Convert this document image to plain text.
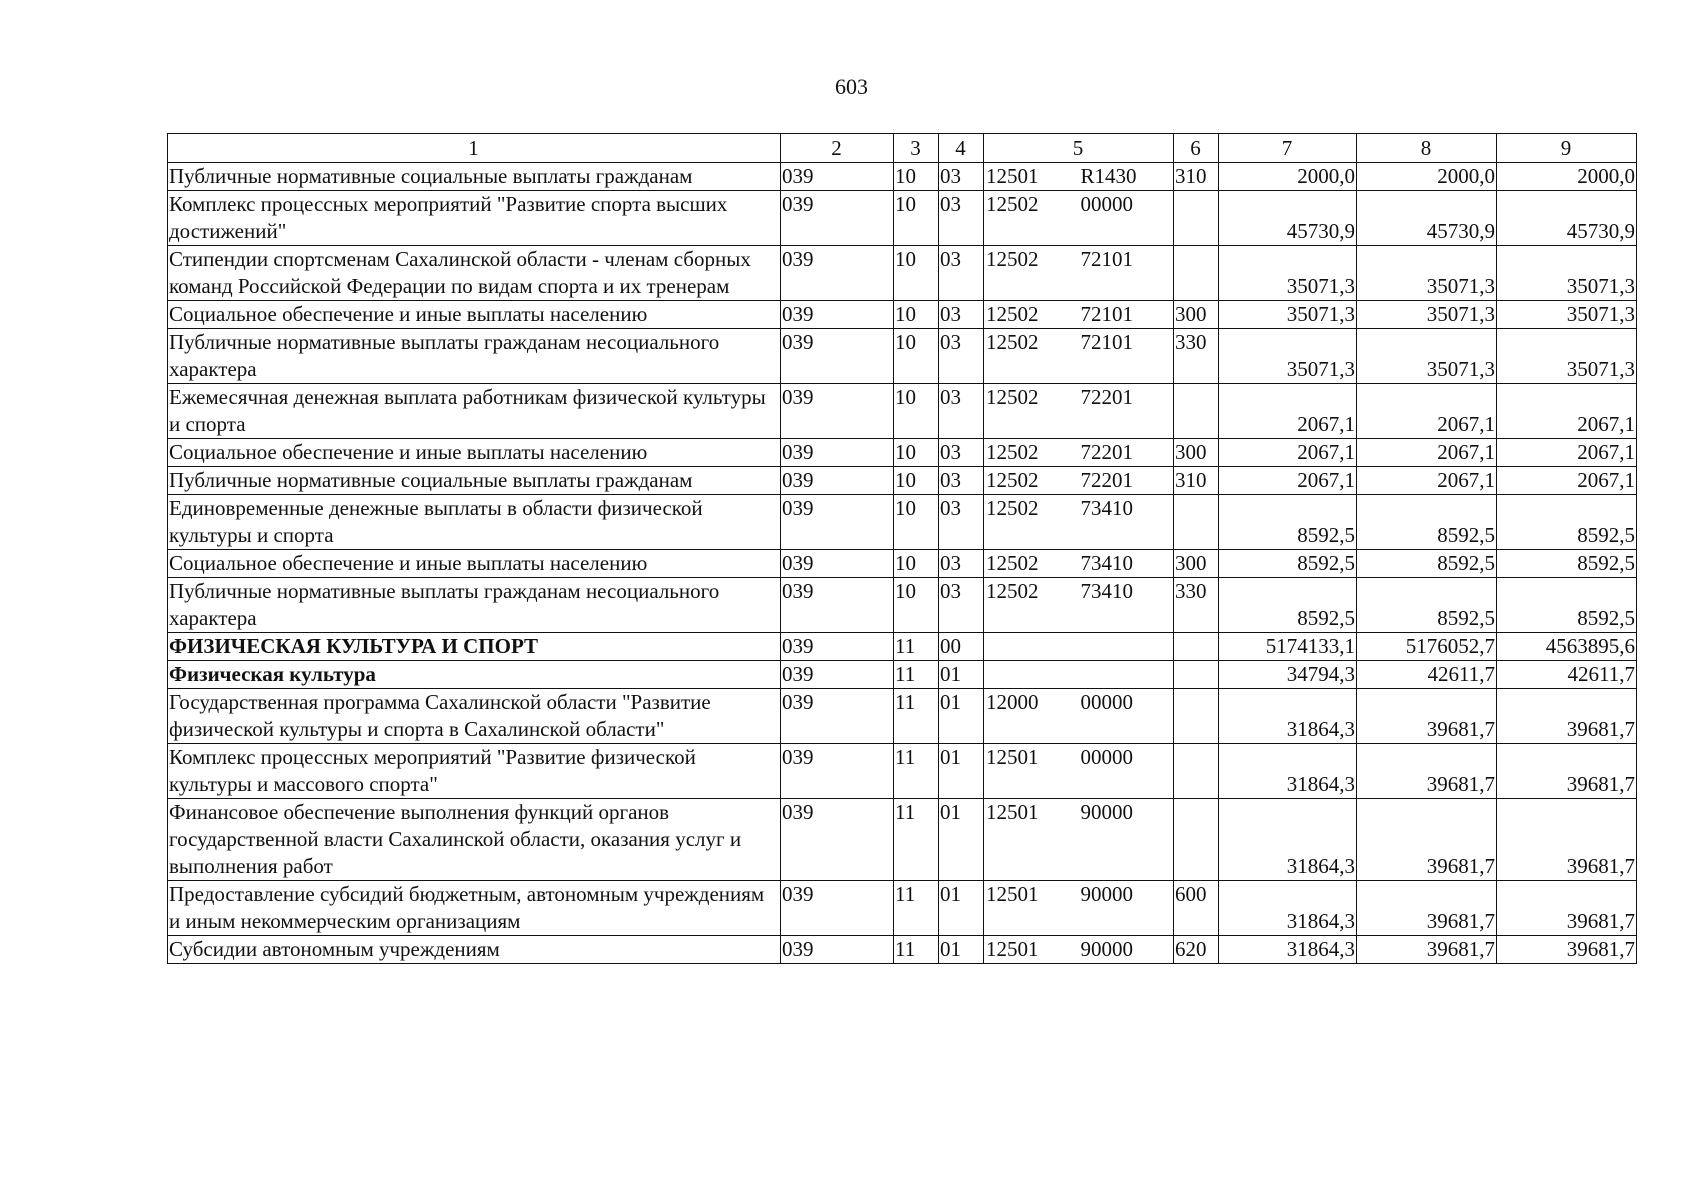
603
1	2	3	4	5	6	7	8	9
Публичные нормативные социальные выплаты гражданам	039	10	03	12501 R1430	310	2000,0	2000,0	2000,0
Комплекс процессных мероприятий "Развитие спорта высших достижений"	039	10	03	12502 00000		45730,9	45730,9	45730,9
Стипендии спортсменам Сахалинской области - членам сборных команд Российской Федерации по видам спорта и их тренерам	039	10	03	12502 72101		35071,3	35071,3	35071,3
Социальное обеспечение и иные выплаты населению	039	10	03	12502 72101	300	35071,3	35071,3	35071,3
Публичные нормативные выплаты гражданам несоциального характера	039	10	03	12502 72101	330	35071,3	35071,3	35071,3
Ежемесячная денежная выплата работникам физической культуры и спорта	039	10	03	12502 72201		2067,1	2067,1	2067,1
Социальное обеспечение и иные выплаты населению	039	10	03	12502 72201	300	2067,1	2067,1	2067,1
Публичные нормативные социальные выплаты гражданам	039	10	03	12502 72201	310	2067,1	2067,1	2067,1
Единовременные денежные выплаты в области физической культуры и спорта	039	10	03	12502 73410		8592,5	8592,5	8592,5
Социальное обеспечение и иные выплаты населению	039	10	03	12502 73410	300	8592,5	8592,5	8592,5
Публичные нормативные выплаты гражданам несоциального характера	039	10	03	12502 73410	330	8592,5	8592,5	8592,5
ФИЗИЧЕСКАЯ КУЛЬТУРА И СПОРТ	039	11	00			5174133,1	5176052,7	4563895,6
Физическая культура	039	11	01			34794,3	42611,7	42611,7
Государственная программа Сахалинской области "Развитие физической культуры и спорта в Сахалинской области"	039	11	01	12000 00000		31864,3	39681,7	39681,7
Комплекс процессных мероприятий "Развитие физической культуры и массового спорта"	039	11	01	12501 00000		31864,3	39681,7	39681,7
Финансовое обеспечение выполнения функций органов государственной власти Сахалинской области, оказания услуг и выполнения работ	039	11	01	12501 90000		31864,3	39681,7	39681,7
Предоставление субсидий бюджетным, автономным учреждениям и иным некоммерческим организациям	039	11	01	12501 90000	600	31864,3	39681,7	39681,7
Субсидии автономным учреждениям	039	11	01	12501 90000	620	31864,3	39681,7	39681,7
